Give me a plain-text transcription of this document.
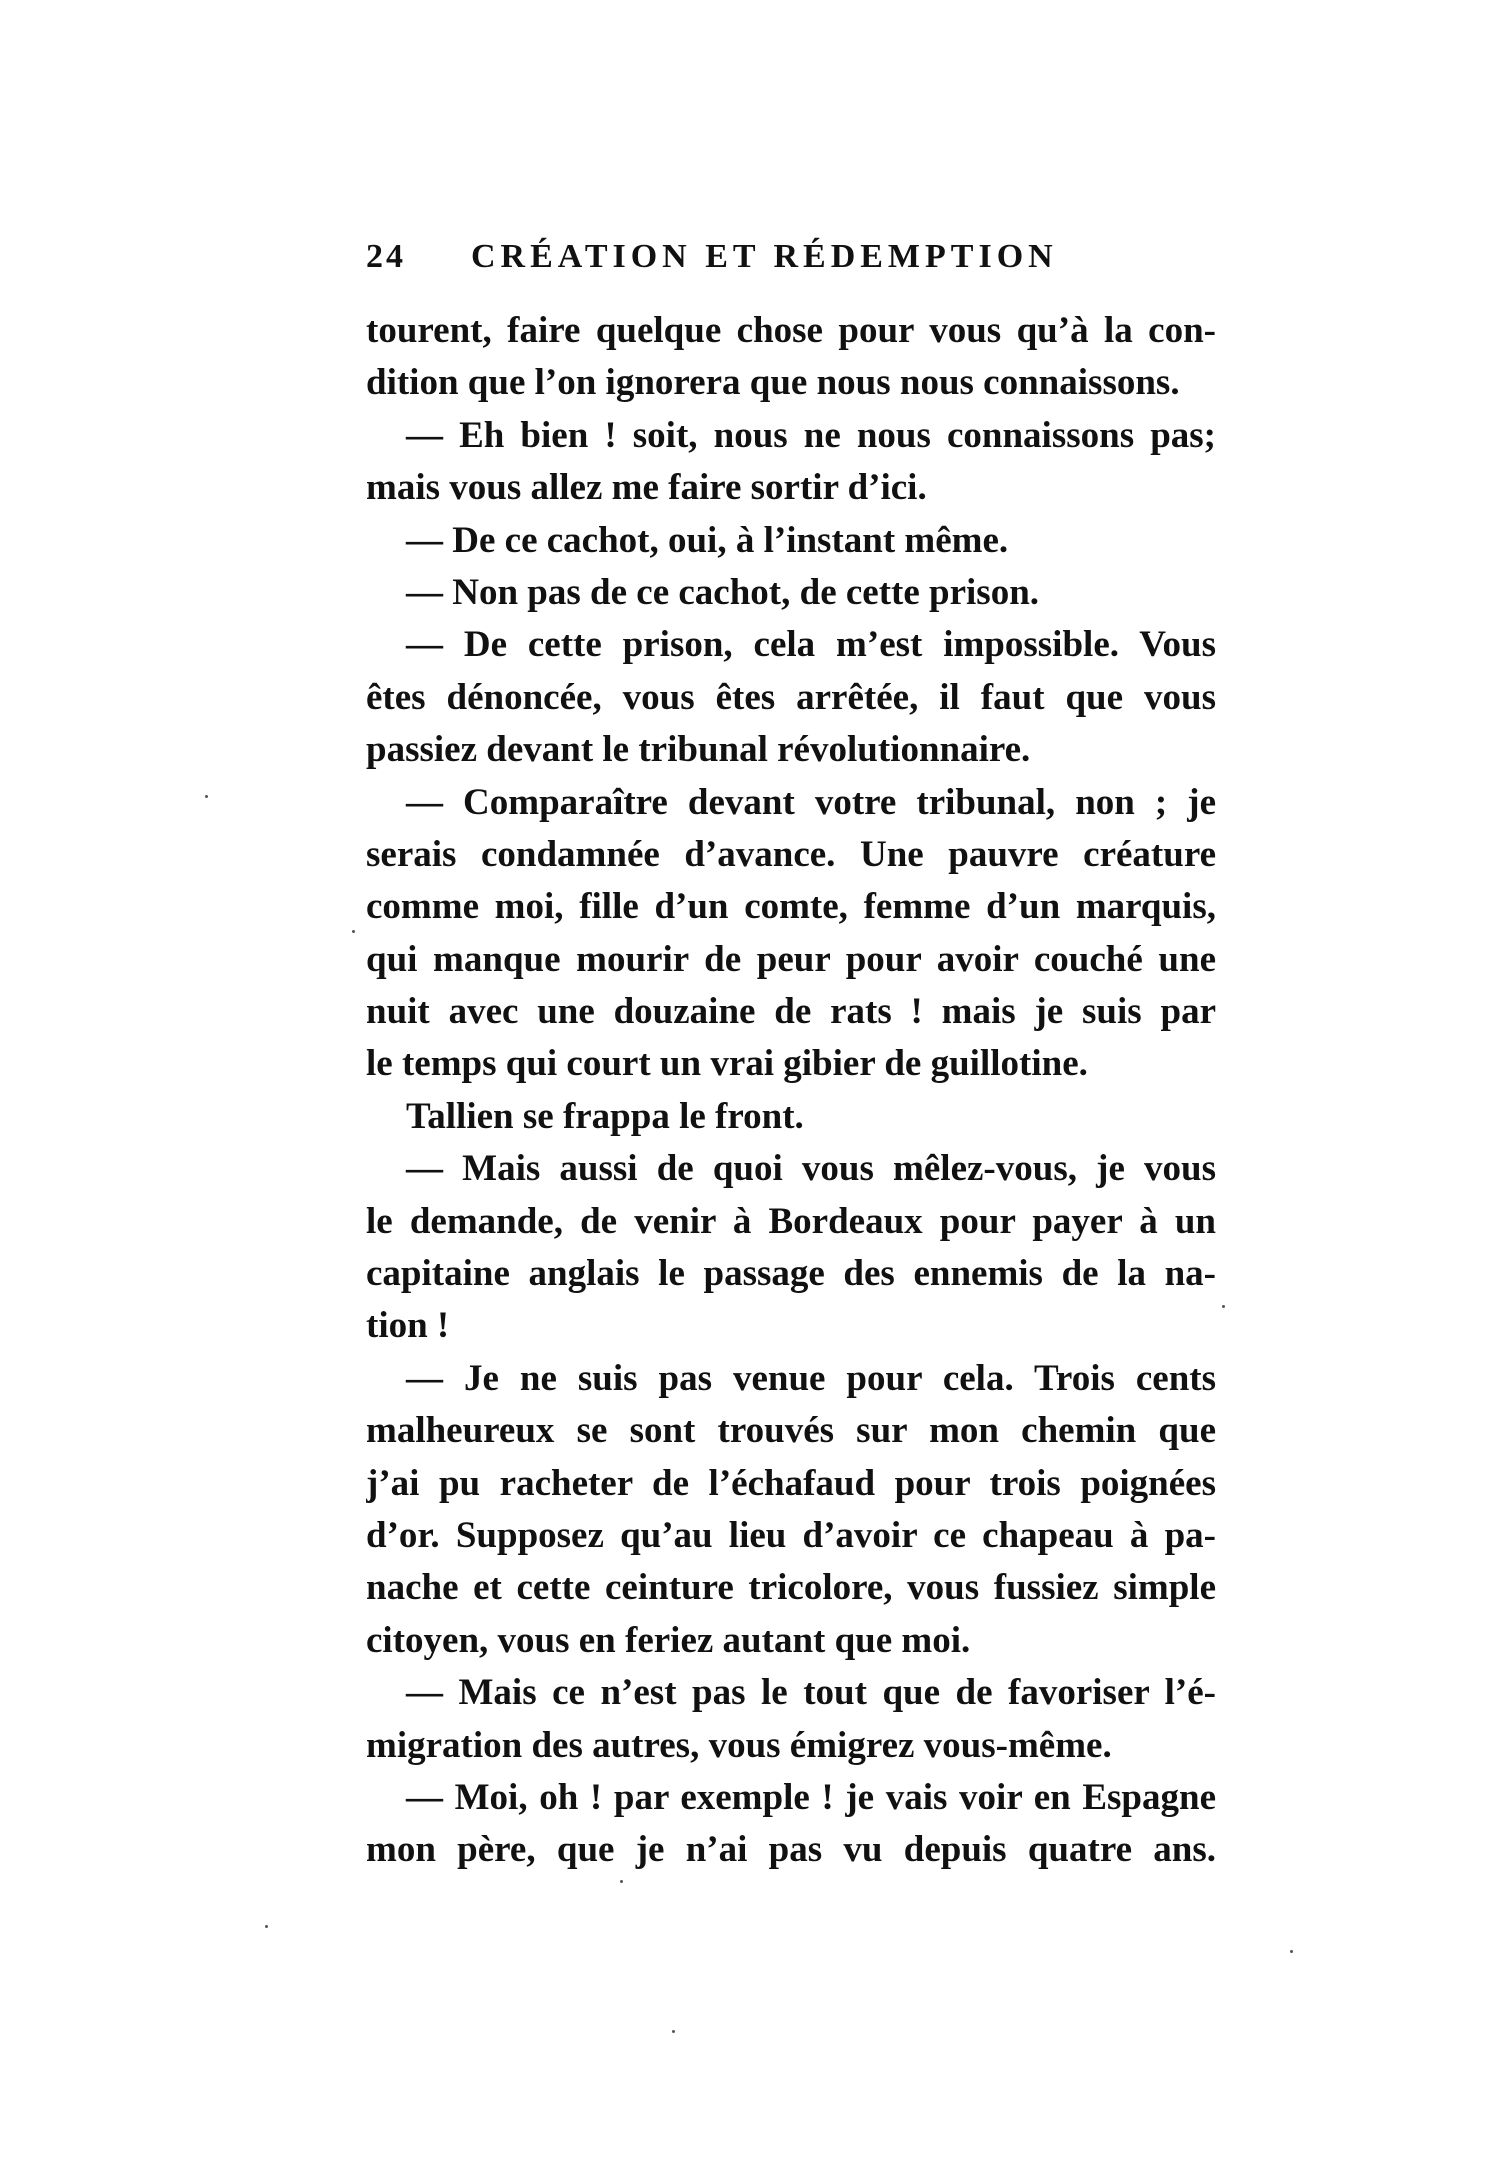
24 CRÉATION ET RÉDEMPTION
tourent, faire quelque chose pour vous qu’à la con-
dition que l’on ignorera que nous nous connaissons.
— Eh bien ! soit, nous ne nous connaissons pas;
mais vous allez me faire sortir d’ici.
— De ce cachot, oui, à l’instant même.
— Non pas de ce cachot, de cette prison.
— De cette prison, cela m’est impossible. Vous
êtes dénoncée, vous êtes arrêtée, il faut que vous
passiez devant le tribunal révolutionnaire.
— Comparaître devant votre tribunal, non ; je
serais condamnée d’avance. Une pauvre créature
comme moi, fille d’un comte, femme d’un marquis,
qui manque mourir de peur pour avoir couché une
nuit avec une douzaine de rats ! mais je suis par
le temps qui court un vrai gibier de guillotine.
Tallien se frappa le front.
— Mais aussi de quoi vous mêlez-vous, je vous
le demande, de venir à Bordeaux pour payer à un
capitaine anglais le passage des ennemis de la na-
tion !
— Je ne suis pas venue pour cela. Trois cents
malheureux se sont trouvés sur mon chemin que
j’ai pu racheter de l’échafaud pour trois poignées
d’or. Supposez qu’au lieu d’avoir ce chapeau à pa-
nache et cette ceinture tricolore, vous fussiez simple
citoyen, vous en feriez autant que moi.
— Mais ce n’est pas le tout que de favoriser l’é-
migration des autres, vous émigrez vous-même.
— Moi, oh ! par exemple ! je vais voir en Espagne
mon père, que je n’ai pas vu depuis quatre ans.
